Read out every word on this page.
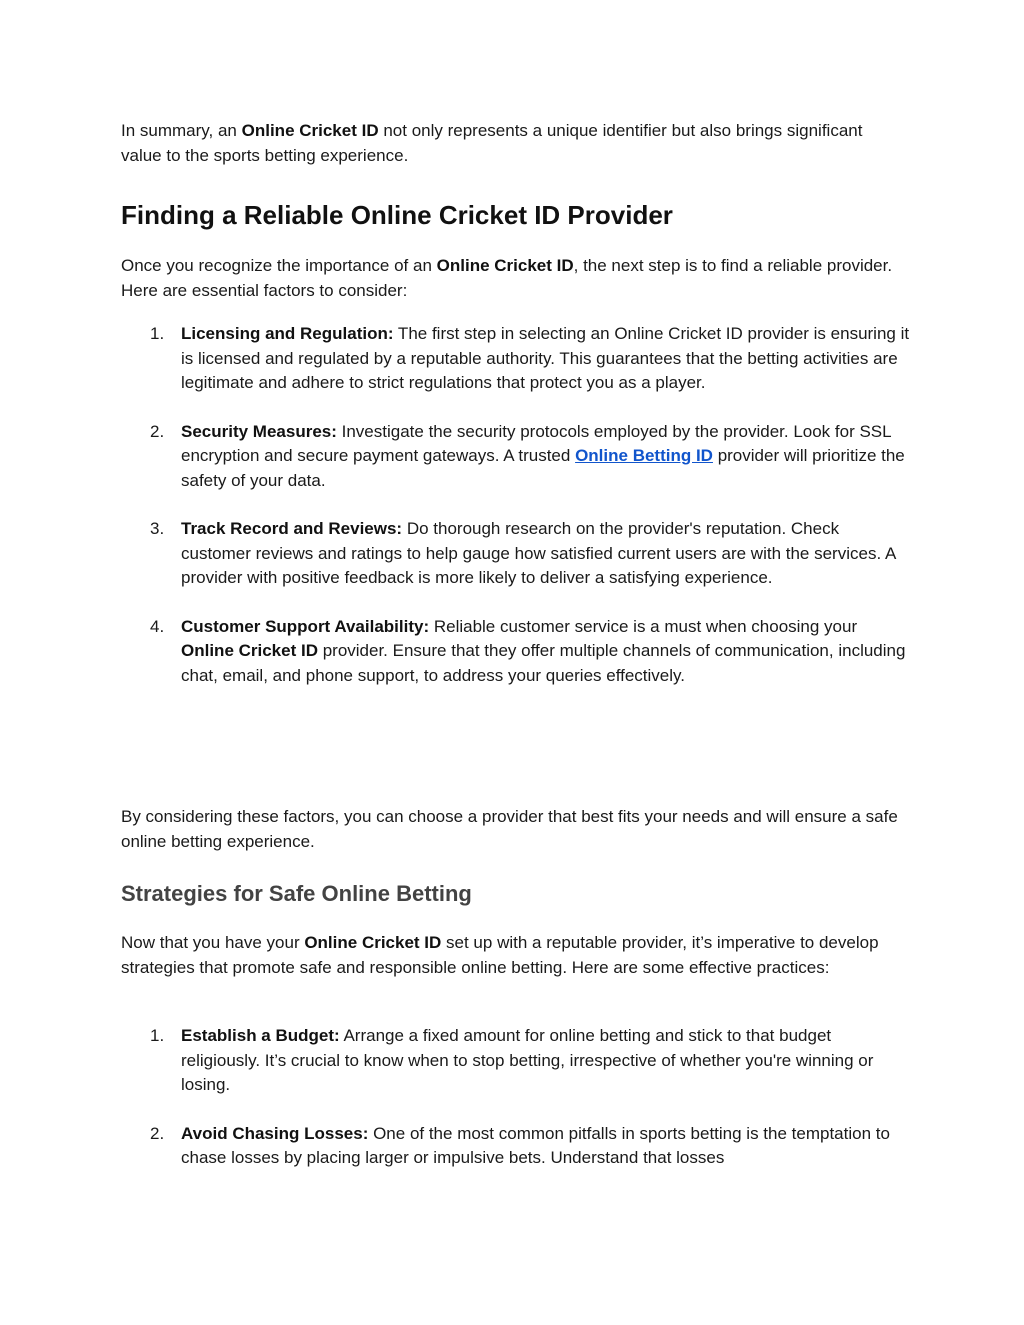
In summary, an Online Cricket ID not only represents a unique identifier but also brings significant value to the sports betting experience.

Finding a Reliable Online Cricket ID Provider

Once you recognize the importance of an Online Cricket ID, the next step is to find a reliable provider. Here are essential factors to consider:

1. Licensing and Regulation: The first step in selecting an Online Cricket ID provider is ensuring it is licensed and regulated by a reputable authority. This guarantees that the betting activities are legitimate and adhere to strict regulations that protect you as a player.
2. Security Measures: Investigate the security protocols employed by the provider. Look for SSL encryption and secure payment gateways. A trusted Online Betting ID provider will prioritize the safety of your data.
3. Track Record and Reviews: Do thorough research on the provider's reputation. Check customer reviews and ratings to help gauge how satisfied current users are with the services. A provider with positive feedback is more likely to deliver a satisfying experience.
4. Customer Support Availability: Reliable customer service is a must when choosing your Online Cricket ID provider. Ensure that they offer multiple channels of communication, including chat, email, and phone support, to address your queries effectively.

By considering these factors, you can choose a provider that best fits your needs and will ensure a safe online betting experience.

Strategies for Safe Online Betting

Now that you have your Online Cricket ID set up with a reputable provider, it’s imperative to develop strategies that promote safe and responsible online betting. Here are some effective practices:

1. Establish a Budget: Arrange a fixed amount for online betting and stick to that budget religiously. It’s crucial to know when to stop betting, irrespective of whether you're winning or losing.
2. Avoid Chasing Losses: One of the most common pitfalls in sports betting is the temptation to chase losses by placing larger or impulsive bets. Understand that losses
